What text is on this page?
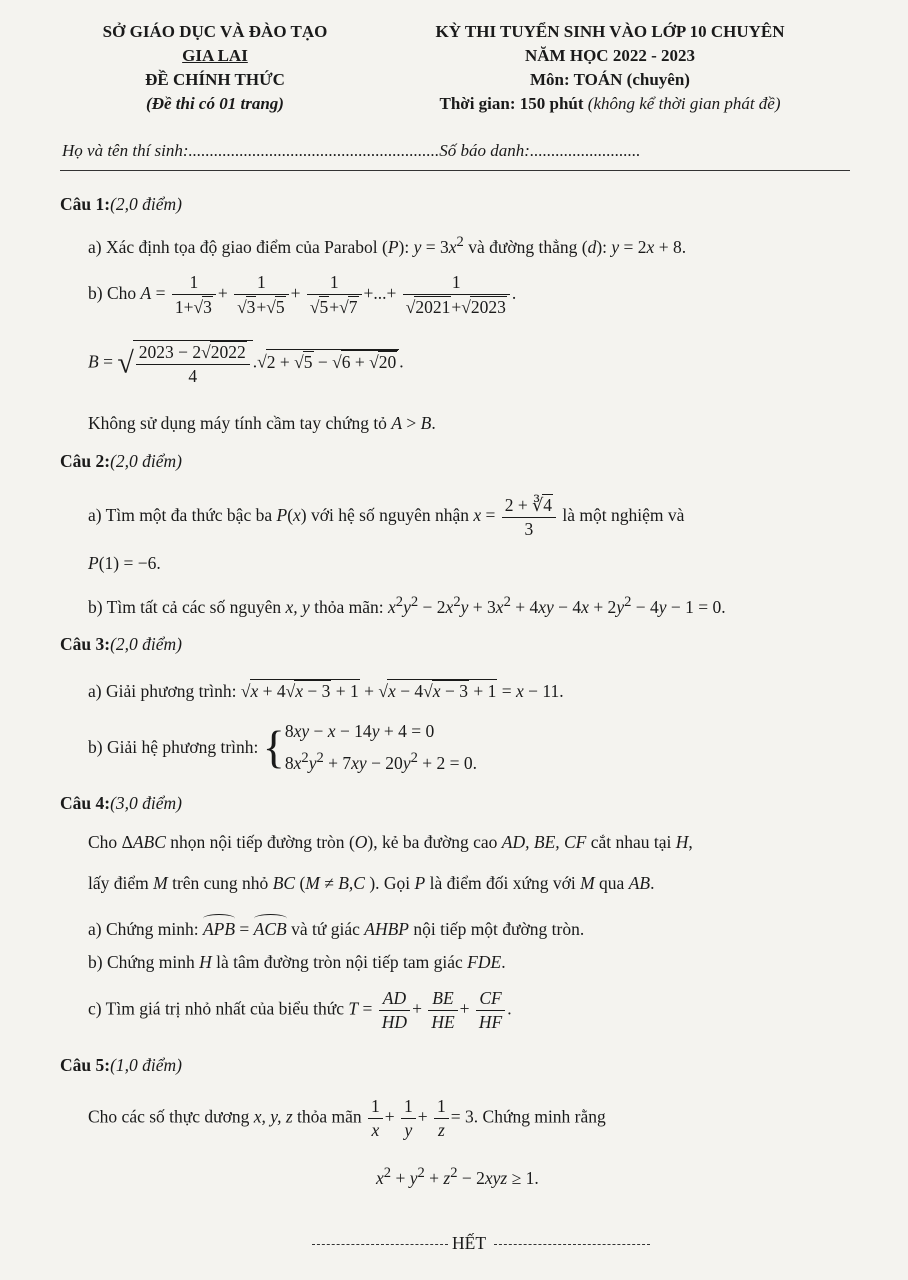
SỞ GIÁO DỤC VÀ ĐÀO TẠO
GIA LAI
ĐỀ CHÍNH THỨC
(Đề thi có 01 trang)
KỲ THI TUYỂN SINH VÀO LỚP 10 CHUYÊN
NĂM HỌC 2022 - 2023
Môn: TOÁN (chuyên)
Thời gian: 150 phút (không kể thời gian phát đề)
Họ và tên thí sinh:...........................................................Số báo danh:..........................
Câu 1:(2,0 điểm)
a) Xác định tọa độ giao điểm của Parabol (P): $y = 3x^2$ và đường thẳng (d): y = 2x + 8.
b) Cho $A = \frac{1}{1+√3} + \frac{1}{√3+√5} + \frac{1}{√5+√7}$ +...+ $\frac{1}{√2021+√2023}$ .
B = √ $\frac{2023 - 2√2022}{4} .√2 + √5 - √6 + √20$ .
Không sử dụng máy tính cầm tay chứng tỏ A > B.
Câu 2:(2,0 điểm)
a) Tìm một đa thức bậc ba P(x) với hệ số nguyên nhận $x = \frac{2 + ∛4}{3}$ là một nghiệm và
P(1) = −6.
b) Tìm tất cả các số nguyên x, y thỏa mãn: $x^2y^2 - 2x^2y + 3x^2 + 4xy - 4x + 2y^2 - 4y - 1 = 0$.
Câu 3:(2,0 điểm)
a) Giải phương trình: √x + 4√x − 3 + 1 + √x − 4√x − 3 + 1 = x − 11.
b) Giải hệ phương trình: {8xy − x − 14y + 4 = 0
$8x^2y^2 + 7xy - 20y^2 + 2 = 0$.
Câu 4:(3,0 điểm)
Cho ΔABC nhọn nội tiếp đường tròn (O), kẻ ba đường cao AD, BE, CF cắt nhau tại H,
lấy điểm M trên cung nhỏ BC (M ≠ B,C ). Gọi P là điểm đối xứng với M qua AB.
a) Chứng minh: APB = ACB và tứ giác AHBP nội tiếp một đường tròn.
b) Chứng minh H là tâm đường tròn nội tiếp tam giác FDE.
c) Tìm giá trị nhỏ nhất của biểu thức $T = \frac{AD}{HD} + \frac{BE}{HE} + \frac{CF}{HF}$ .
Câu 5:(1,0 điểm)
Cho các số thực dương x, y, z thỏa mãn $\frac{1}{x} + \frac{1}{y} + \frac{1}{z} = 3$. Chứng minh rằng
$x^2 + y^2 + z^2 - 2xyz \ge 1$.
HẾT
